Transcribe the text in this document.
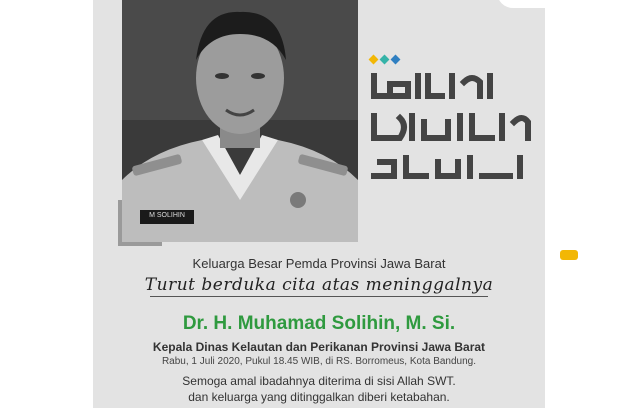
M SOLIHIN
Keluarga Besar Pemda Provinsi Jawa Barat
Turut berduka cita atas meninggalnya
Dr. H. Muhamad Solihin, M. Si.
Kepala Dinas Kelautan dan Perikanan Provinsi Jawa Barat
Rabu, 1 Juli 2020, Pukul 18.45 WIB, di RS. Borromeus, Kota Bandung.
Semoga amal ibadahnya diterima di sisi Allah SWT.
dan keluarga yang ditinggalkan diberi ketabahan.
